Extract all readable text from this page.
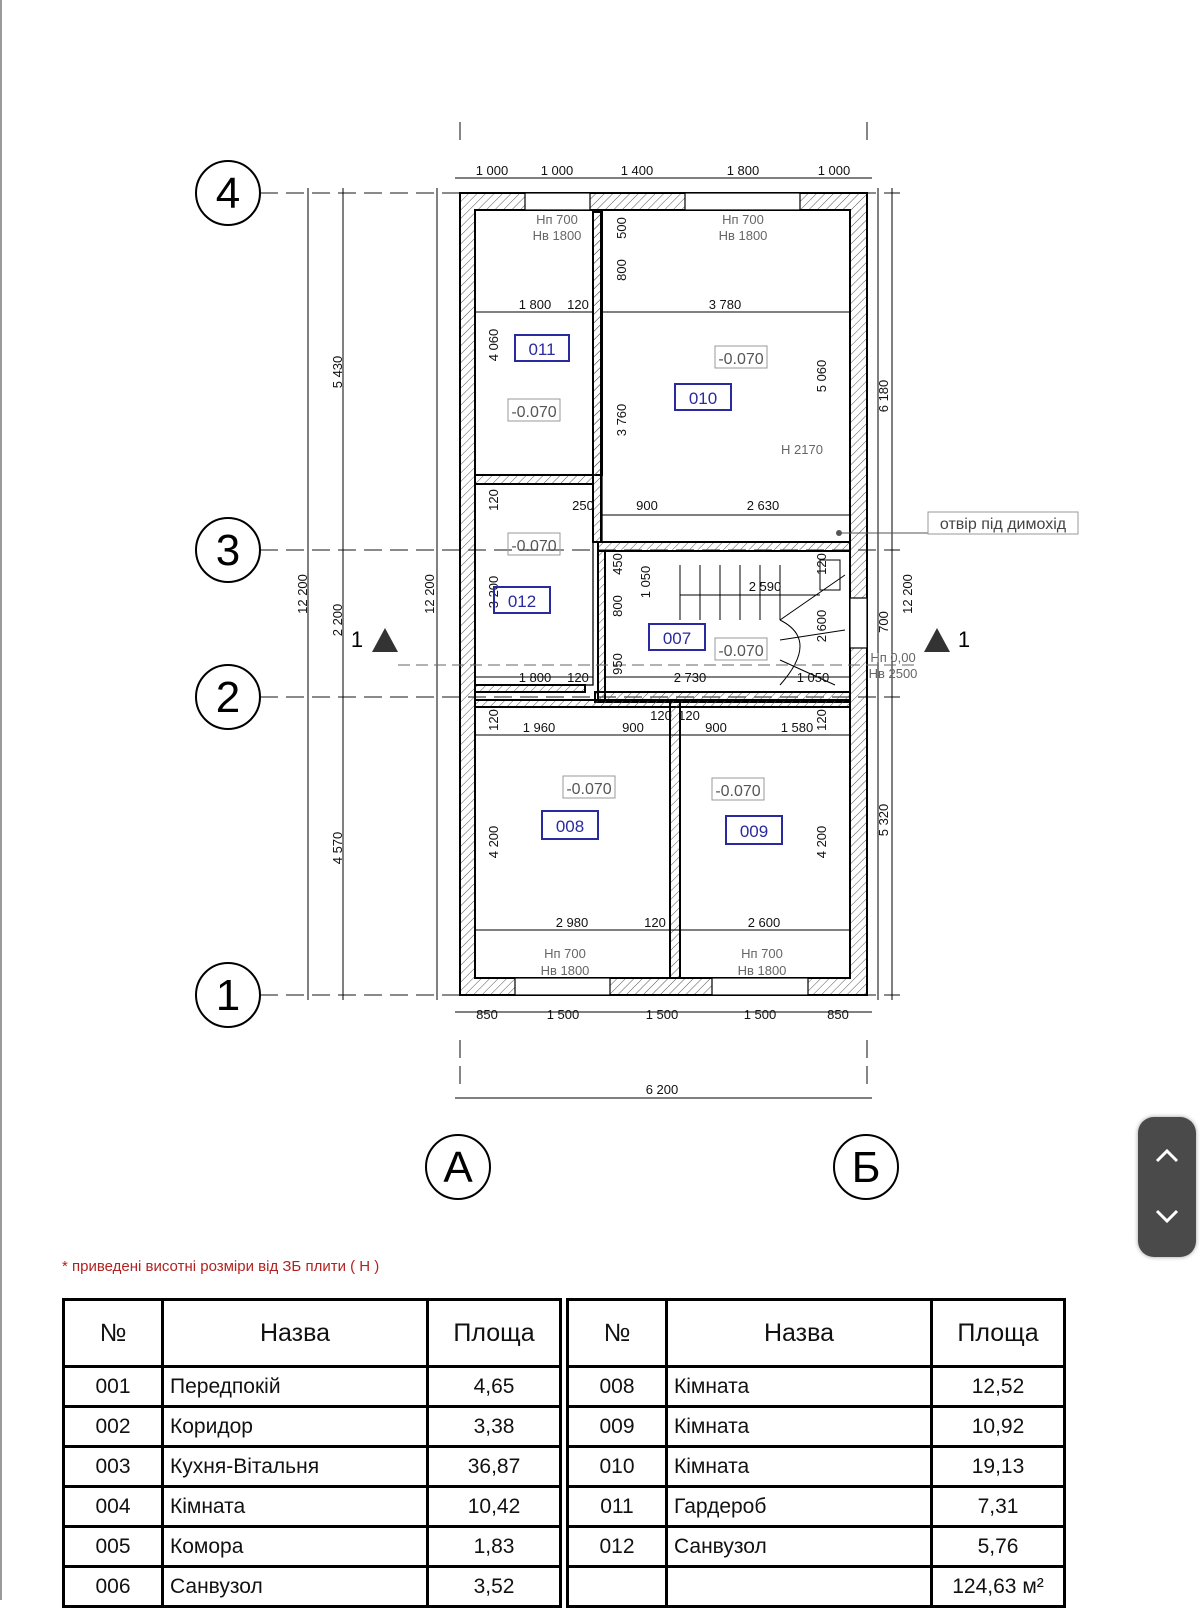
4
3
2
1
А	Б
1	1
1 000 1 000	1 400	1 800	1 000
850	1 500	1 500	1 500	850
6 200
5 430
2 200
4 570
12 200	12 200
6 180
5 320
12 200
1 800 120	3 780
4 060
5 060
3 760
500
800
250	900	2 630
120
3 200	1 050
800
450
2 590
2 600	700
120
950
1 800 120	2 730	1 050
120 1 960	900
120 120
900	1 580 120
4 200	4 200
2 980	120	2 600
Hп 700
Hв 1800
Hп 700
Hв 1800
Hп 700
Hв 1800
Hп 700
Hв 1800
Hп 0,00
Hв 2500
H 2170
011
-0.070
010
-0.070
012
-0.070
007
-0.070
008
-0.070
009
-0.070
отвір під димохід
* приведені висотні розміри від ЗБ плити ( Н )
№	Назва	Площа
001	Передпокій	4,65
002	Коридор	3,38
003	Кухня-Вітальня	36,87
004	Кімната	10,42
005	Комора	1,83
006	Санвузол	3,52
№	Назва	Площа
008	Кімната	12,52
009	Кімната	10,92
010	Кімната	19,13
011	Гардероб	7,31
012	Санвузол	5,76
		124,63 м²
